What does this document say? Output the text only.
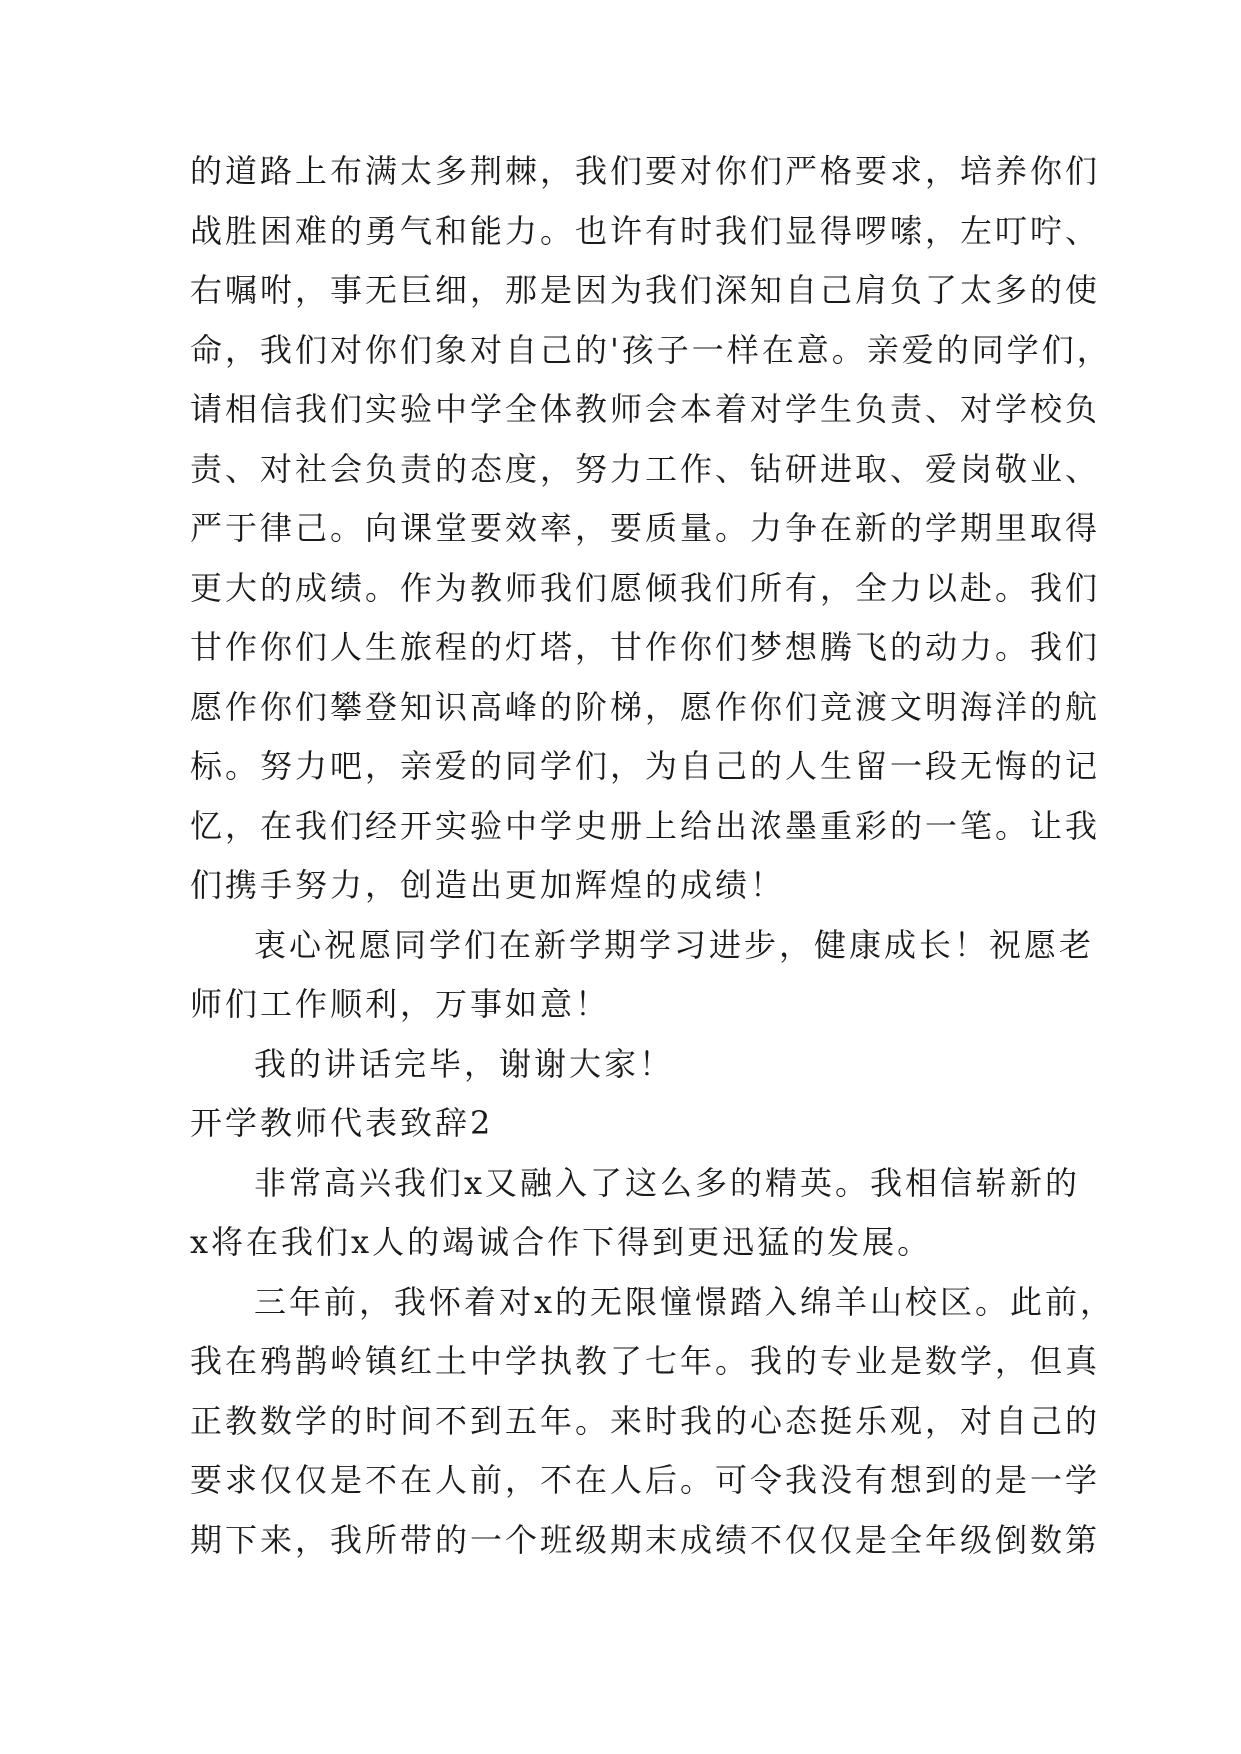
的道路上布满太多荆棘，我们要对你们严格要求，培养你们
战胜困难的勇气和能力。也许有时我们显得啰嗦，左叮咛、
右嘱咐，事无巨细，那是因为我们深知自己肩负了太多的使
命，我们对你们象对自己的'孩子一样在意。亲爱的同学们，
请相信我们实验中学全体教师会本着对学生负责、对学校负
责、对社会负责的态度，努力工作、钻研进取、爱岗敬业、
严于律己。向课堂要效率，要质量。力争在新的学期里取得
更大的成绩。作为教师我们愿倾我们所有，全力以赴。我们
甘作你们人生旅程的灯塔，甘作你们梦想腾飞的动力。我们
愿作你们攀登知识高峰的阶梯，愿作你们竞渡文明海洋的航
标。努力吧，亲爱的同学们，为自己的人生留一段无悔的记
忆，在我们经开实验中学史册上给出浓墨重彩的一笔。让我
们携手努力，创造出更加辉煌的成绩！
衷心祝愿同学们在新学期学习进步，健康成长！祝愿老
师们工作顺利，万事如意！
我的讲话完毕，谢谢大家！
开学教师代表致辞2
非常高兴我们x又融入了这么多的精英。我相信崭新的
x将在我们x人的竭诚合作下得到更迅猛的发展。
三年前，我怀着对x的无限憧憬踏入绵羊山校区。此前，
我在鸦鹊岭镇红土中学执教了七年。我的专业是数学，但真
正教数学的时间不到五年。来时我的心态挺乐观，对自己的
要求仅仅是不在人前，不在人后。可令我没有想到的是一学
期下来，我所带的一个班级期末成绩不仅仅是全年级倒数第
